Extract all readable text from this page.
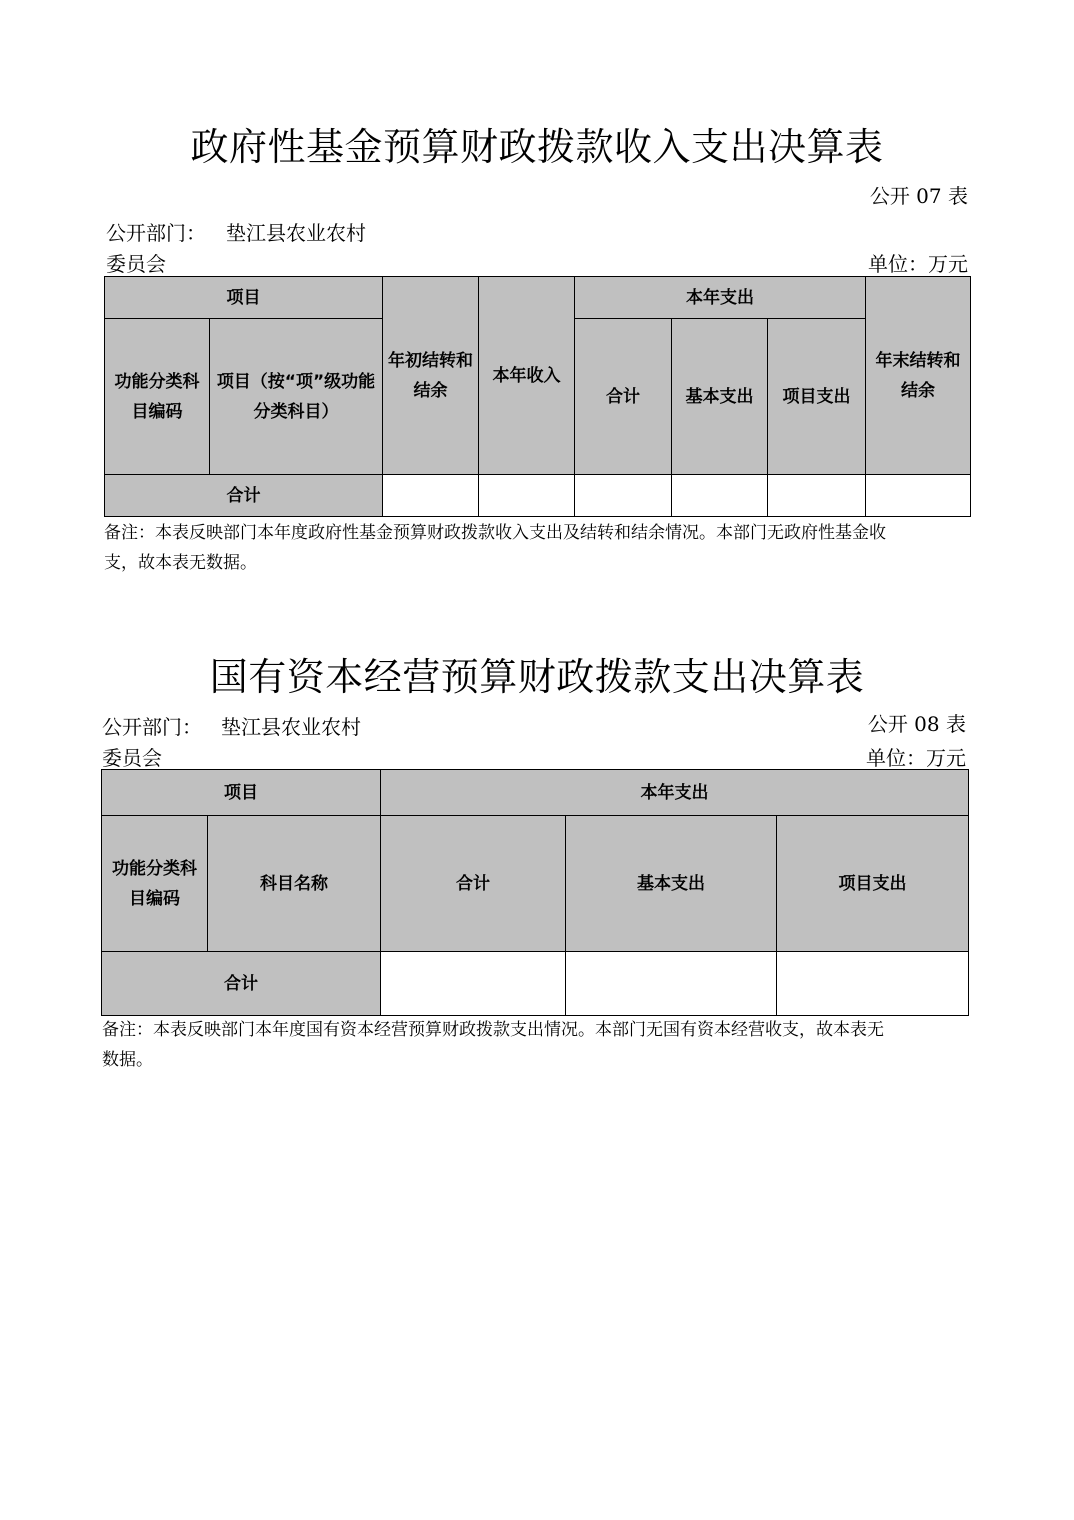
政府性基金预算财政拨款收入支出决算表
公开 07 表
公开部门： 垫江县农业农村
委员会	单位：万元
项目		年初结转和结余	本年收入	本年支出			年末结转和结余
功能分类科目编码	项目（按“项”级功能分类科目）			合计	基本支出	项目支出	
合计							
备注：本表反映部门本年度政府性基金预算财政拨款收入支出及结转和结余情况。本部门无政府性基金收
支，故本表无数据。
国有资本经营预算财政拨款支出决算表
公开 08 表
公开部门： 垫江县农业农村
委员会	单位：万元
项目		本年支出		
功能分类科目编码	科目名称	合计	基本支出	项目支出
合计				
备注：本表反映部门本年度国有资本经营预算财政拨款支出情况。本部门无国有资本经营收支，故本表无
数据。
